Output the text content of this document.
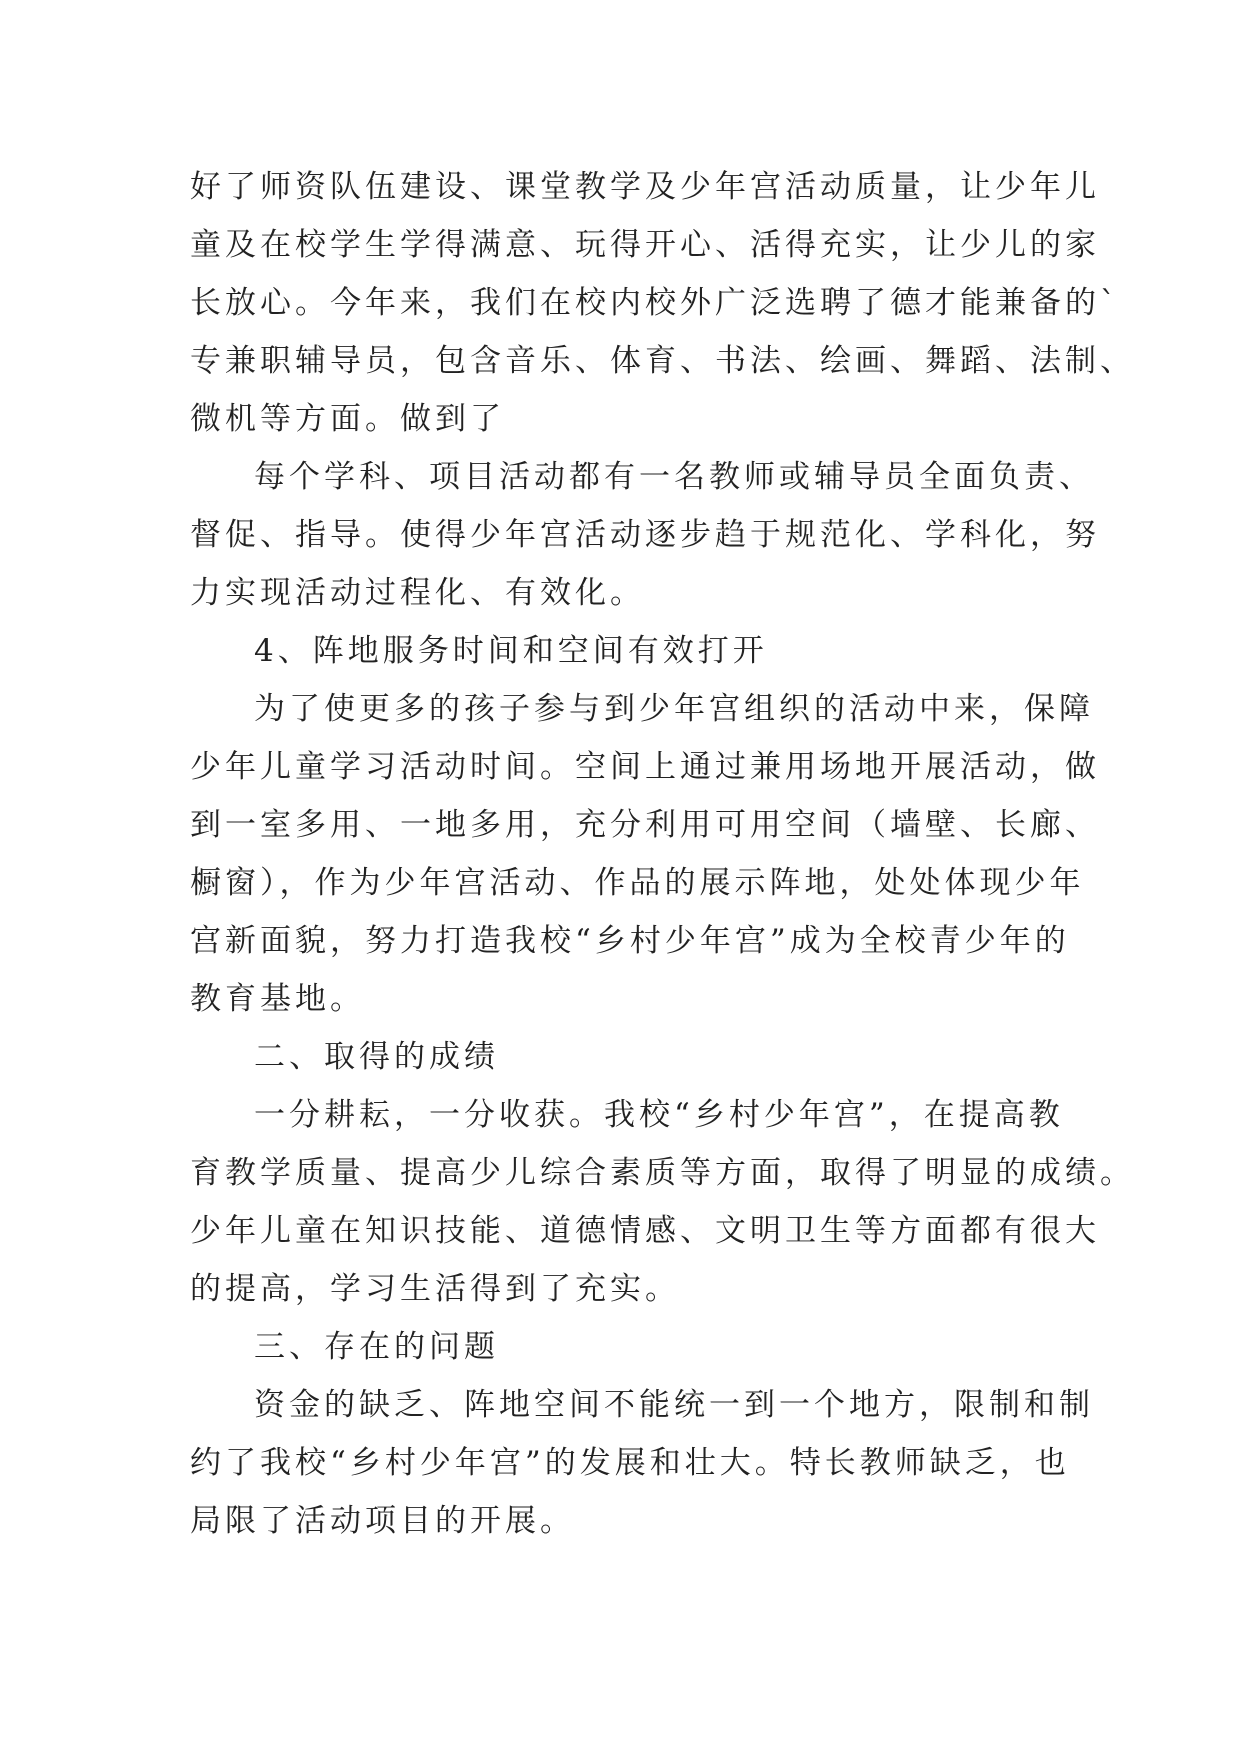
好了师资队伍建设、课堂教学及少年宫活动质量，让少年儿

童及在校学生学得满意、玩得开心、活得充实，让少儿的家

长放心。今年来，我们在校内校外广泛选聘了德才能兼备的`

专兼职辅导员，包含音乐、体育、书法、绘画、舞蹈、法制、

微机等方面。做到了

每个学科、项目活动都有一名教师或辅导员全面负责、

督促、指导。使得少年宫活动逐步趋于规范化、学科化，努

力实现活动过程化、有效化。

4、阵地服务时间和空间有效打开

为了使更多的孩子参与到少年宫组织的活动中来，保障

少年儿童学习活动时间。空间上通过兼用场地开展活动，做

到一室多用、一地多用，充分利用可用空间（墙壁、长廊、

橱窗），作为少年宫活动、作品的展示阵地，处处体现少年

宫新面貌，努力打造我校“乡村少年宫”成为全校青少年的

教育基地。

二、取得的成绩

一分耕耘，一分收获。我校“乡村少年宫”，在提高教

育教学质量、提高少儿综合素质等方面，取得了明显的成绩。

少年儿童在知识技能、道德情感、文明卫生等方面都有很大

的提高，学习生活得到了充实。

三、存在的问题

资金的缺乏、阵地空间不能统一到一个地方，限制和制

约了我校“乡村少年宫”的发展和壮大。特长教师缺乏，也

局限了活动项目的开展。
